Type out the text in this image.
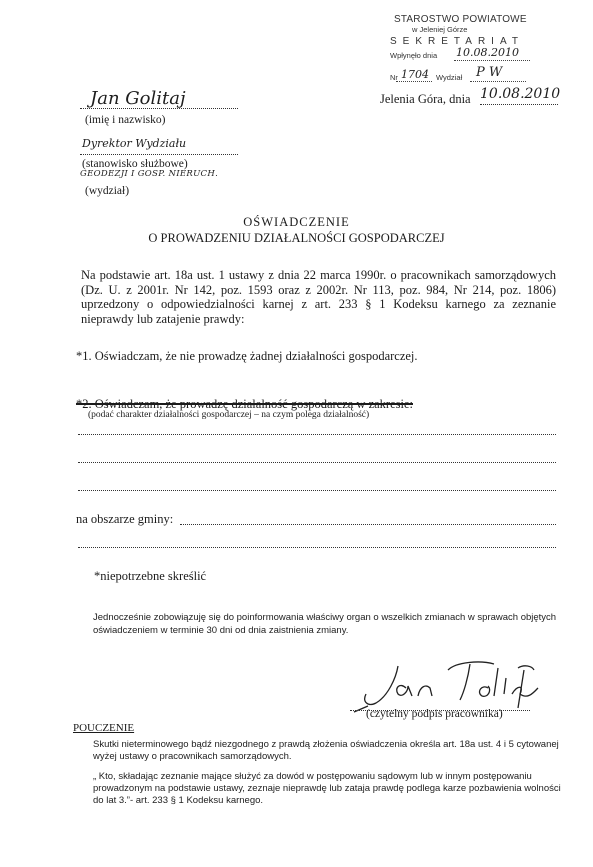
STAROSTWO POWIATOWE
w Jeleniej Górze
SEKRETARIAT
Wpłynęło dnia 10.08.2010
Nr 1704 Wydział P W
Jan Golitaj
(imię i nazwisko)
Dyrektor Wydziału
(stanowisko służbowe)
GEODEZJI I GOSP. NIERUCH.
(wydział)
Jelenia Góra, dnia 10.08.2010
OŚWIADCZENIE
O PROWADZENIU DZIAŁALNOŚCI GOSPODARCZEJ
Na podstawie art. 18a ust. 1 ustawy z dnia 22 marca 1990r. o pracownikach samorządowych (Dz. U. z 2001r. Nr 142, poz. 1593 oraz z 2002r. Nr 113, poz. 984, Nr 214, poz. 1806) uprzedzony o odpowiedzialności karnej z art. 233 § 1 Kodeksu karnego za zeznanie nieprawdy lub zatajenie prawdy:
*1. Oświadczam, że nie prowadzę żadnej działalności gospodarczej.
*2. Oświadczam, że prowadzę działalność gospodarczą w zakresie:
(podać charakter działalności gospodarczej – na czym polega działalność)
na obszarze gminy:
*niepotrzebne skreślić
Jednocześnie zobowiązuję się do poinformowania właściwy organ o wszelkich zmianach w sprawach objętych oświadczeniem w terminie 30 dni od dnia zaistnienia zmiany.
(czytelny podpis pracownika)
POUCZENIE
Skutki nieterminowego bądź niezgodnego z prawdą złożenia oświadczenia określa art. 18a ust. 4 i 5 cytowanej wyżej ustawy o pracownikach samorządowych.
„ Kto, składając zeznanie mające służyć za dowód w postępowaniu sądowym lub w innym postępowaniu prowadzonym na podstawie ustawy, zeznaje nieprawdę lub zataja prawdę podlega karze pozbawienia wolności do lat 3.”- art. 233 § 1 Kodeksu karnego.
